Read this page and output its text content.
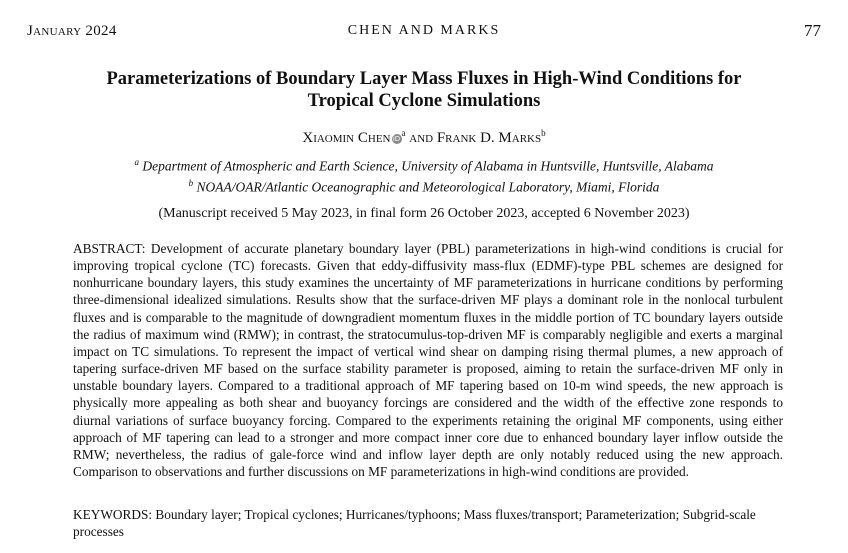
January 2024	CHEN AND MARKS	77
Parameterizations of Boundary Layer Mass Fluxes in High-Wind Conditions for
Tropical Cyclone Simulations
Xiaomin Chen $iD^a$ and Frank D. Marks$^b$
$^a$ Department of Atmospheric and Earth Science, University of Alabama in Huntsville, Huntsville, Alabama
$^b$ NOAA/OAR/Atlantic Oceanographic and Meteorological Laboratory, Miami, Florida
(Manuscript received 5 May 2023, in final form 26 October 2023, accepted 6 November 2023)
ABSTRACT: Development of accurate planetary boundary layer (PBL) parameterizations in high-wind conditions is crucial for improving tropical cyclone (TC) forecasts. Given that eddy-diffusivity mass-flux (EDMF)-type PBL schemes are designed for nonhurricane boundary layers, this study examines the uncertainty of MF parameterizations in hurricane conditions by performing three-dimensional idealized simulations. Results show that the surface-driven MF plays a dominant role in the nonlocal turbulent fluxes and is comparable to the magnitude of downgradient momentum fluxes in the middle portion of TC boundary layers outside the radius of maximum wind (RMW); in contrast, the stratocumulus-top-driven MF is comparably negligible and exerts a marginal impact on TC simulations. To represent the impact of vertical wind shear on damping rising thermal plumes, a new approach of tapering surface-driven MF based on the surface stability parameter is proposed, aiming to retain the surface-driven MF only in unstable boundary layers. Compared to a traditional approach of MF tapering based on 10-m wind speeds, the new approach is physically more appealing as both shear and buoyancy forcings are considered and the width of the effective zone responds to diurnal variations of surface buoyancy forcing. Compared to the experiments retaining the original MF components, using either approach of MF tapering can lead to a stronger and more compact inner core due to enhanced boundary layer inflow outside the RMW; nevertheless, the radius of gale-force wind and inflow layer depth are only notably reduced using the new approach. Comparison to observations and further discussions on MF parameterizations in high-wind conditions are provided.
KEYWORDS: Boundary layer; Tropical cyclones; Hurricanes/typhoons; Mass fluxes/transport; Parameterization; Subgrid-scale processes
